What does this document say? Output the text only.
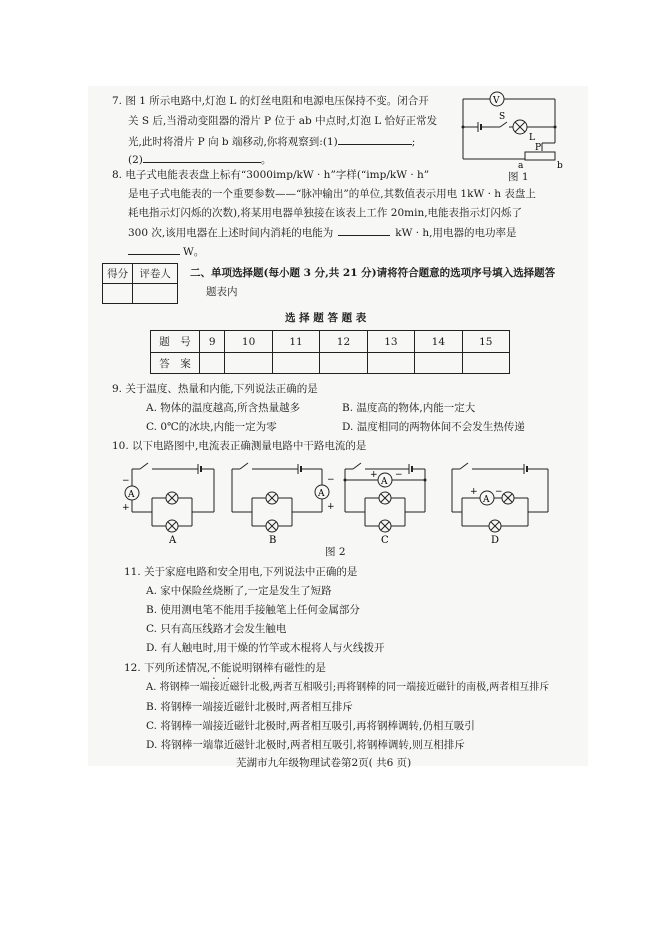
7. 图 1 所示电路中,灯泡 L 的灯丝电阻和电源电压保持不变。闭合开
关 S 后,当滑动变阻器的滑片 P 位于 ab 中点时,灯泡 L 恰好正常发
光,此时将滑片 P 向 b 端移动,你将观察到:(1)	;
(2)	。
V
S
L
P
a	b
图 1
8. 电子式电能表表盘上标有“3000imp/kW · h”字样(“imp/kW · h”
是电子式电能表的一个重要参数——“脉冲输出”的单位,其数值表示用电 1kW · h 表盘上
耗电指示灯闪烁的次数),将某用电器单独接在该表上工作 20min,电能表指示灯闪烁了
300 次,该用电器在上述时间内消耗的电能为	kW · h,用电器的电功率是
W。
得分	评卷人
	二、单项选择题(每小题 3 分,共 21 分)请将符合题意的选项序号填入选择题答
题表内
选 择 题 答 题 表
题　号	9	10	11	12	13	14	15
答　案							
9. 关于温度、热量和内能,下列说法正确的是
A. 物体的温度越高,所含热量越多	B. 温度高的物体,内能一定大
C. 0℃的冰块,内能一定为零	D. 温度相同的两物体间不会发生热传递
10. 以下电路图中,电流表正确测量电路中干路电流的是
A
−
+
A
A
−
+
B
A
+ −
C
A
+ −
D
图 2
11. 关于家庭电路和安全用电,下列说法中正确的是
A. 家中保险丝烧断了,一定是发生了短路
B. 使用测电笔不能用手接触笔上任何金属部分
C. 只有高压线路才会发生触电
D. 有人触电时,用干燥的竹竿或木棍将人与火线拨开
12. 下列所述情况,不能 • •说明钢棒有磁性的是
A. 将钢棒一端接近磁针北极,两者互相吸引;再将钢棒的同一端接近磁针的南极,两者相互排斥
B. 将钢棒一端接近磁针北极时,两者相互排斥
C. 将钢棒一端接近磁针北极时,两者相互吸引,再将钢棒调转,仍相互吸引
D. 将钢棒一端靠近磁针北极时,两者相互吸引,将钢棒调转,则互相排斥
芜湖市九年级物理试卷第2页( 共6 页)
